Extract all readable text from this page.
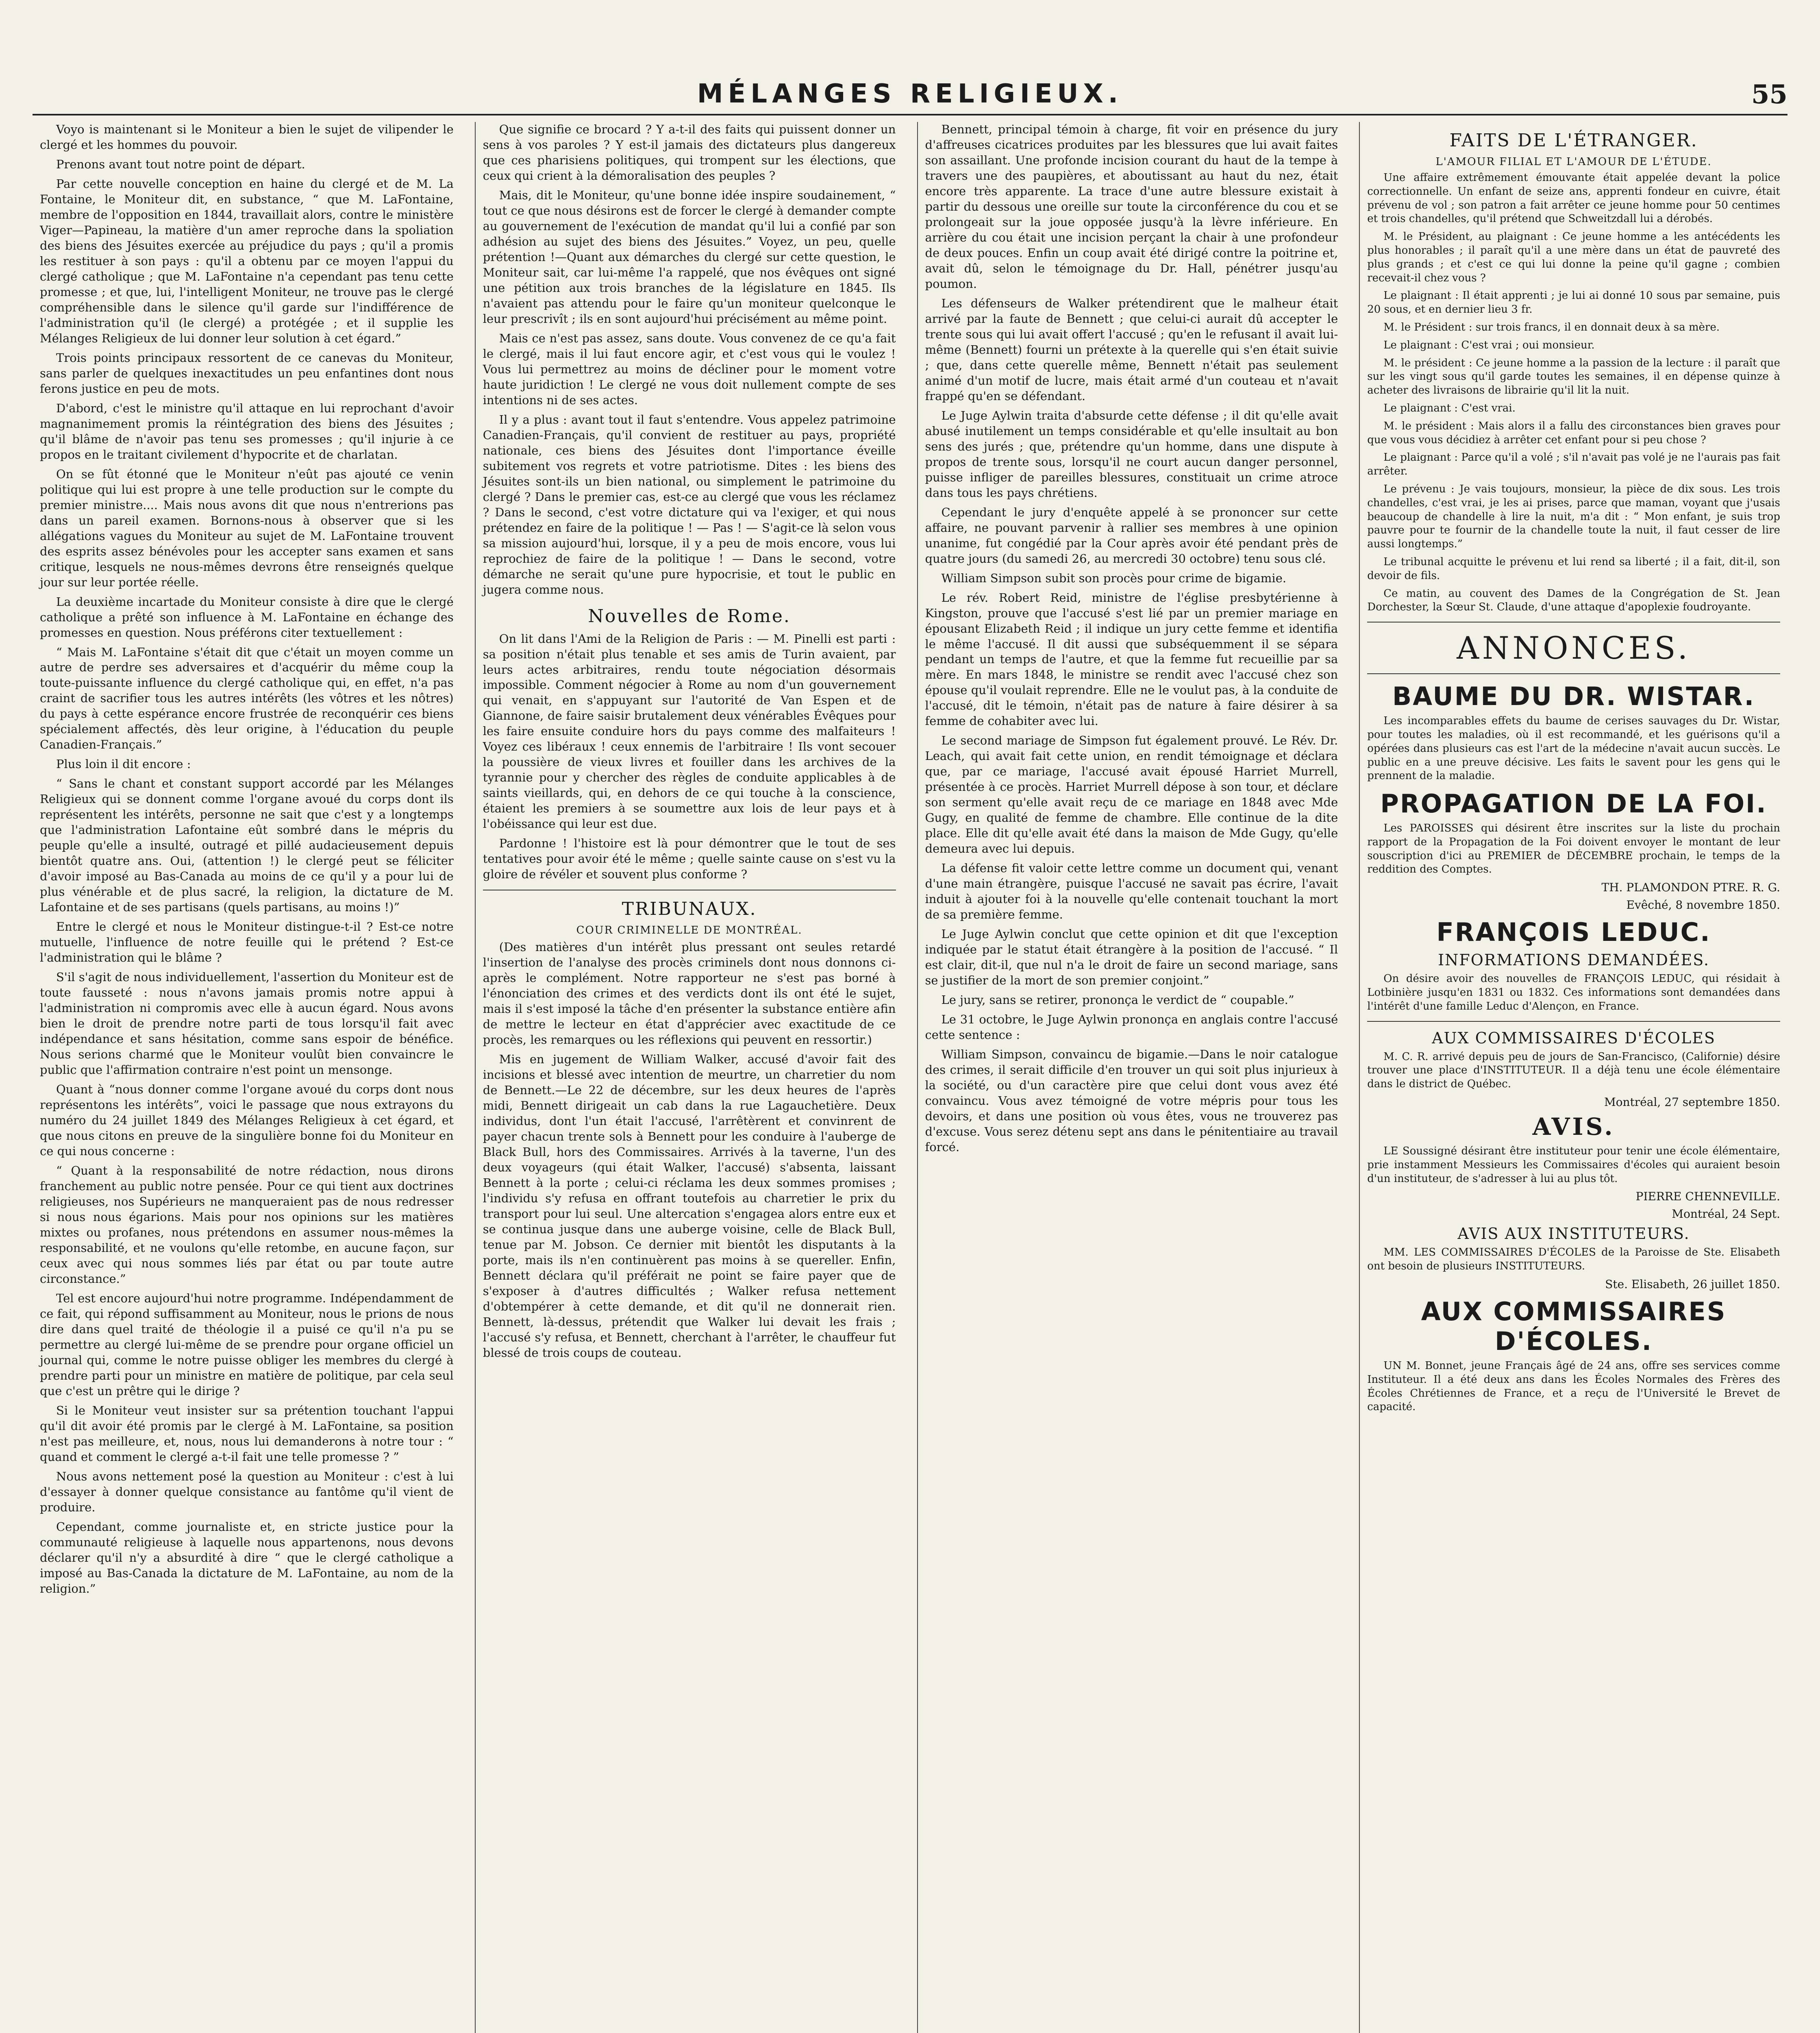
MÉLANGES RELIGIEUX.	55

Voyo is maintenant si le Moniteur a bien le sujet de vilipender le clergé et les hommes du pouvoir.

Prenons avant tout notre point de départ.

Par cette nouvelle conception en haine du clergé et de M. La Fontaine, le Moniteur dit, en substance, “ que M. LaFontaine, membre de l'opposition en 1844, travaillait alors, contre le ministère Viger—Papineau, la matière d'un amer reproche dans la spoliation des biens des Jésuites exercée au préjudice du pays ; qu'il a promis les restituer à son pays : qu'il a obtenu par ce moyen l'appui du clergé catholique ; que M. LaFontaine n'a cependant pas tenu cette promesse ; et que, lui, l'intelligent Moniteur, ne trouve pas le clergé compréhensible dans le silence qu'il garde sur l'indifférence de l'administration qu'il (le clergé) a protégée ; et il supplie les Mélanges Religieux de lui donner leur solution à cet égard.”

Trois points principaux ressortent de ce canevas du Moniteur, sans parler de quelques inexactitudes un peu enfantines dont nous ferons justice en peu de mots.

D'abord, c'est le ministre qu'il attaque en lui reprochant d'avoir magnanimement promis la réintégration des biens des Jésuites ; qu'il blâme de n'avoir pas tenu ses promesses ; qu'il injurie à ce propos en le traitant civilement d'hypocrite et de charlatan.

On se fût étonné que le Moniteur n'eût pas ajouté ce venin politique qui lui est propre à une telle production sur le compte du premier ministre.... Mais nous avons dit que nous n'entrerions pas dans un pareil examen. Bornons-nous à observer que si les allégations vagues du Moniteur au sujet de M. LaFontaine trouvent des esprits assez bénévoles pour les accepter sans examen et sans critique, lesquels ne nous-mêmes devrons être renseignés quelque jour sur leur portée réelle.

La deuxième incartade du Moniteur consiste à dire que le clergé catholique a prêté son influence à M. LaFontaine en échange des promesses en question. Nous préférons citer textuellement :

“ Mais M. LaFontaine s'était dit que c'était un moyen comme un autre de perdre ses adversaires et d'acquérir du même coup la toute-puissante influence du clergé catholique qui, en effet, n'a pas craint de sacrifier tous les autres intérêts (les vôtres et les nôtres) du pays à cette espérance encore frustrée de reconquérir ces biens spécialement affectés, dès leur origine, à l'éducation du peuple Canadien-Français.”

Plus loin il dit encore :

“ Sans le chant et constant support accordé par les Mélanges Religieux qui se donnent comme l'organe avoué du corps dont ils représentent les intérêts, personne ne sait que c'est y a longtemps que l'administration Lafontaine eût sombré dans le mépris du peuple qu'elle a insulté, outragé et pillé audacieusement depuis bientôt quatre ans. Oui, (attention !) le clergé peut se féliciter d'avoir imposé au Bas-Canada au moins de ce qu'il y a pour lui de plus vénérable et de plus sacré, la religion, la dictature de M. Lafontaine et de ses partisans (quels partisans, au moins !)”

Entre le clergé et nous le Moniteur distingue-t-il ? Est-ce notre mutuelle, l'influence de notre feuille qui le prétend ? Est-ce l'administration qui le blâme ?

S'il s'agit de nous individuellement, l'assertion du Moniteur est de toute fausseté : nous n'avons jamais promis notre appui à l'administration ni compromis avec elle à aucun égard. Nous avons bien le droit de prendre notre parti de tous lorsqu'il fait avec indépendance et sans hésitation, comme sans espoir de bénéfice. Nous serions charmé que le Moniteur voulût bien convaincre le public que l'affirmation contraire n'est point un mensonge.

Quant à “nous donner comme l'organe avoué du corps dont nous représentons les intérêts”, voici le passage que nous extrayons du numéro du 24 juillet 1849 des Mélanges Religieux à cet égard, et que nous citons en preuve de la singulière bonne foi du Moniteur en ce qui nous concerne :

“ Quant à la responsabilité de notre rédaction, nous dirons franchement au public notre pensée. Pour ce qui tient aux doctrines religieuses, nos Supérieurs ne manqueraient pas de nous redresser si nous nous égarions. Mais pour nos opinions sur les matières mixtes ou profanes, nous prétendons en assumer nous-mêmes la responsabilité, et ne voulons qu'elle retombe, en aucune façon, sur ceux avec qui nous sommes liés par état ou par toute autre circonstance.”

Tel est encore aujourd'hui notre programme. Indépendamment de ce fait, qui répond suffisamment au Moniteur, nous le prions de nous dire dans quel traité de théologie il a puisé ce qu'il n'a pu se permettre au clergé lui-même de se prendre pour organe officiel un journal qui, comme le notre puisse obliger les membres du clergé à prendre parti pour un ministre en matière de politique, par cela seul que c'est un prêtre qui le dirige ?

Si le Moniteur veut insister sur sa prétention touchant l'appui qu'il dit avoir été promis par le clergé à M. LaFontaine, sa position n'est pas meilleure, et, nous, nous lui demanderons à notre tour : “ quand et comment le clergé a-t-il fait une telle promesse ? ”

Nous avons nettement posé la question au Moniteur : c'est à lui d'essayer à donner quelque consistance au fantôme qu'il vient de produire.

Cependant, comme journaliste et, en stricte justice pour la communauté religieuse à laquelle nous appartenons, nous devons déclarer qu'il n'y a absurdité à dire “ que le clergé catholique a imposé au Bas-Canada la dictature de M. LaFontaine, au nom de la religion.”

Que signifie ce brocard ? Y a-t-il des faits qui puissent donner un sens à vos paroles ? Y est-il jamais des dictateurs plus dangereux que ces pharisiens politiques, qui trompent sur les élections, que ceux qui crient à la démoralisation des peuples ?

Mais, dit le Moniteur, qu'une bonne idée inspire soudainement, “ tout ce que nous désirons est de forcer le clergé à demander compte au gouvernement de l'exécution de mandat qu'il lui a confié par son adhésion au sujet des biens des Jésuites.” Voyez, un peu, quelle prétention !—Quant aux démarches du clergé sur cette question, le Moniteur sait, car lui-même l'a rappelé, que nos évêques ont signé une pétition aux trois branches de la législature en 1845. Ils n'avaient pas attendu pour le faire qu'un moniteur quelconque le leur prescrivît ; ils en sont aujourd'hui précisément au même point.

Mais ce n'est pas assez, sans doute. Vous convenez de ce qu'a fait le clergé, mais il lui faut encore agir, et c'est vous qui le voulez ! Vous lui permettrez au moins de décliner pour le moment votre haute juridiction ! Le clergé ne vous doit nullement compte de ses intentions ni de ses actes.

Il y a plus : avant tout il faut s'entendre. Vous appelez patrimoine Canadien-Français, qu'il convient de restituer au pays, propriété nationale, ces biens des Jésuites dont l'importance éveille subitement vos regrets et votre patriotisme. Dites : les biens des Jésuites sont-ils un bien national, ou simplement le patrimoine du clergé ? Dans le premier cas, est-ce au clergé que vous les réclamez ? Dans le second, c'est votre dictature qui va l'exiger, et qui nous prétendez en faire de la politique ! — Pas ! — S'agit-ce là selon vous sa mission aujourd'hui, lorsque, il y a peu de mois encore, vous lui reprochiez de faire de la politique ! — Dans le second, votre démarche ne serait qu'une pure hypocrisie, et tout le public en jugera comme nous.

Nouvelles de Rome.

On lit dans l'Ami de la Religion de Paris : — M. Pinelli est parti : sa position n'était plus tenable et ses amis de Turin avaient, par leurs actes arbitraires, rendu toute négociation désormais impossible. Comment négocier à Rome au nom d'un gouvernement qui venait, en s'appuyant sur l'autorité de Van Espen et de Giannone, de faire saisir brutalement deux vénérables Évêques pour les faire ensuite conduire hors du pays comme des malfaiteurs ! Voyez ces libéraux ! ceux ennemis de l'arbitraire ! Ils vont secouer la poussière de vieux livres et fouiller dans les archives de la tyrannie pour y chercher des règles de conduite applicables à de saints vieillards, qui, en dehors de ce qui touche à la conscience, étaient les premiers à se soumettre aux lois de leur pays et à l'obéissance qui leur est due.

Pardonne ! l'histoire est là pour démontrer que le tout de ses tentatives pour avoir été le même ; quelle sainte cause on s'est vu la gloire de révéler et souvent plus conforme ?

TRIBUNAUX.
COUR CRIMINELLE DE MONTRÉAL.

(Des matières d'un intérêt plus pressant ont seules retardé l'insertion de l'analyse des procès criminels dont nous donnons ci-après le complément. Notre rapporteur ne s'est pas borné à l'énonciation des crimes et des verdicts dont ils ont été le sujet, mais il s'est imposé la tâche d'en présenter la substance entière afin de mettre le lecteur en état d'apprécier avec exactitude de ce procès, les remarques ou les réflexions qui peuvent en ressortir.)

Mis en jugement de William Walker, accusé d'avoir fait des incisions et blessé avec intention de meurtre, un charretier du nom de Bennett.—Le 22 de décembre, sur les deux heures de l'après midi, Bennett dirigeait un cab dans la rue Lagauchetière. Deux individus, dont l'un était l'accusé, l'arrêtèrent et convinrent de payer chacun trente sols à Bennett pour les conduire à l'auberge de Black Bull, hors des Commissaires. Arrivés à la taverne, l'un des deux voyageurs (qui était Walker, l'accusé) s'absenta, laissant Bennett à la porte ; celui-ci réclama les deux sommes promises ; l'individu s'y refusa en offrant toutefois au charretier le prix du transport pour lui seul. Une altercation s'engagea alors entre eux et se continua jusque dans une auberge voisine, celle de Black Bull, tenue par M. Jobson. Ce dernier mit bientôt les disputants à la porte, mais ils n'en continuèrent pas moins à se quereller. Enfin, Bennett déclara qu'il préférait ne point se faire payer que de s'exposer à d'autres difficultés ; Walker refusa nettement d'obtempérer à cette demande, et dit qu'il ne donnerait rien. Bennett, là-dessus, prétendit que Walker lui devait les frais ; l'accusé s'y refusa, et Bennett, cherchant à l'arrêter, le chauffeur fut blessé de trois coups de couteau.

Bennett, principal témoin à charge, fit voir en présence du jury d'affreuses cicatrices produites par les blessures que lui avait faites son assaillant. Une profonde incision courant du haut de la tempe à travers une des paupières, et aboutissant au haut du nez, était encore très apparente. La trace d'une autre blessure existait à partir du dessous une oreille sur toute la circonférence du cou et se prolongeait sur la joue opposée jusqu'à la lèvre inférieure. En arrière du cou était une incision perçant la chair à une profondeur de deux pouces. Enfin un coup avait été dirigé contre la poitrine et, avait dû, selon le témoignage du Dr. Hall, pénétrer jusqu'au poumon.

Les défenseurs de Walker prétendirent que le malheur était arrivé par la faute de Bennett ; que celui-ci aurait dû accepter le trente sous qui lui avait offert l'accusé ; qu'en le refusant il avait lui-même (Bennett) fourni un prétexte à la querelle qui s'en était suivie ; que, dans cette querelle même, Bennett n'était pas seulement animé d'un motif de lucre, mais était armé d'un couteau et n'avait frappé qu'en se défendant.

Le Juge Aylwin traita d'absurde cette défense ; il dit qu'elle avait abusé inutilement un temps considérable et qu'elle insultait au bon sens des jurés ; que, prétendre qu'un homme, dans une dispute à propos de trente sous, lorsqu'il ne court aucun danger personnel, puisse infliger de pareilles blessures, constituait un crime atroce dans tous les pays chrétiens.

Cependant le jury d'enquête appelé à se prononcer sur cette affaire, ne pouvant parvenir à rallier ses membres à une opinion unanime, fut congédié par la Cour après avoir été pendant près de quatre jours (du samedi 26, au mercredi 30 octobre) tenu sous clé.

William Simpson subit son procès pour crime de bigamie.

Le rév. Robert Reid, ministre de l'église presbytérienne à Kingston, prouve que l'accusé s'est lié par un premier mariage en épousant Elizabeth Reid ; il indique un jury cette femme et identifia le même l'accusé. Il dit aussi que subséquemment il se sépara pendant un temps de l'autre, et que la femme fut recueillie par sa mère. En mars 1848, le ministre se rendit avec l'accusé chez son épouse qu'il voulait reprendre. Elle ne le voulut pas, à la conduite de l'accusé, dit le témoin, n'était pas de nature à faire désirer à sa femme de cohabiter avec lui.

Le second mariage de Simpson fut également prouvé. Le Rév. Dr. Leach, qui avait fait cette union, en rendit témoignage et déclara que, par ce mariage, l'accusé avait épousé Harriet Murrell, présentée à ce procès. Harriet Murrell dépose à son tour, et déclare son serment qu'elle avait reçu de ce mariage en 1848 avec Mde Gugy, en qualité de femme de chambre. Elle continue de la dite place. Elle dit qu'elle avait été dans la maison de Mde Gugy, qu'elle demeura avec lui depuis.

La défense fit valoir cette lettre comme un document qui, venant d'une main étrangère, puisque l'accusé ne savait pas écrire, l'avait induit à ajouter foi à la nouvelle qu'elle contenait touchant la mort de sa première femme.

Le Juge Aylwin conclut que cette opinion et dit que l'exception indiquée par le statut était étrangère à la position de l'accusé. “ Il est clair, dit-il, que nul n'a le droit de faire un second mariage, sans se justifier de la mort de son premier conjoint.”

Le jury, sans se retirer, prononça le verdict de “ coupable.”

Le 31 octobre, le Juge Aylwin prononça en anglais contre l'accusé cette sentence :

William Simpson, convaincu de bigamie.—Dans le noir catalogue des crimes, il serait difficile d'en trouver un qui soit plus injurieux à la société, ou d'un caractère pire que celui dont vous avez été convaincu. Vous avez témoigné de votre mépris pour tous les devoirs, et dans une position où vous êtes, vous ne trouverez pas d'excuse. Vous serez détenu sept ans dans le pénitentiaire au travail forcé.

FAITS DE L'ÉTRANGER.
L'AMOUR FILIAL ET L'AMOUR DE L'ÉTUDE.

Une affaire extrêmement émouvante était appelée devant la police correctionnelle. Un enfant de seize ans, apprenti fondeur en cuivre, était prévenu de vol ; son patron a fait arrêter ce jeune homme pour 50 centimes et trois chandelles, qu'il prétend que Schweitzdall lui a dérobés.

M. le Président, au plaignant : Ce jeune homme a les antécédents les plus honorables ; il paraît qu'il a une mère dans un état de pauvreté des plus grands ; et c'est ce qui lui donne la peine qu'il gagne ; combien recevait-il chez vous ?

Le plaignant : Il était apprenti ; je lui ai donné 10 sous par semaine, puis 20 sous, et en dernier lieu 3 fr.

M. le Président : sur trois francs, il en donnait deux à sa mère.

Le plaignant : C'est vrai ; oui monsieur.

M. le président : Ce jeune homme a la passion de la lecture : il paraît que sur les vingt sous qu'il garde toutes les semaines, il en dépense quinze à acheter des livraisons de librairie qu'il lit la nuit.

Le plaignant : C'est vrai.

M. le président : Mais alors il a fallu des circonstances bien graves pour que vous vous décidiez à arrêter cet enfant pour si peu chose ?

Le plaignant : Parce qu'il a volé ; s'il n'avait pas volé je ne l'aurais pas fait arrêter.

Le prévenu : Je vais toujours, monsieur, la pièce de dix sous. Les trois chandelles, c'est vrai, je les ai prises, parce que maman, voyant que j'usais beaucoup de chandelle à lire la nuit, m'a dit : “ Mon enfant, je suis trop pauvre pour te fournir de la chandelle toute la nuit, il faut cesser de lire aussi longtemps.”

Le tribunal acquitte le prévenu et lui rend sa liberté ; il a fait, dit-il, son devoir de fils.

Ce matin, au couvent des Dames de la Congrégation de St. Jean Dorchester, la Sœur St. Claude, d'une attaque d'apoplexie foudroyante.

ANNONCES.
BAUME DU DR. WISTAR.

Les incomparables effets du baume de cerises sauvages du Dr. Wistar, pour toutes les maladies, où il est recommandé, et les guérisons qu'il a opérées dans plusieurs cas est l'art de la médecine n'avait aucun succès. Le public en a une preuve décisive. Les faits le savent pour les gens qui le prennent de la maladie.

PROPAGATION DE LA FOI.

Les PAROISSES qui désirent être inscrites sur la liste du prochain rapport de la Propagation de la Foi doivent envoyer le montant de leur souscription d'ici au PREMIER de DÉCEMBRE prochain, le temps de la reddition des Comptes.

TH. PLAMONDON PTRE. R. G.
Evêché, 8 novembre 1850.
FRANÇOIS LEDUC.
INFORMATIONS DEMANDÉES.

On désire avoir des nouvelles de FRANÇOIS LEDUC, qui résidait à Lotbinière jusqu'en 1831 ou 1832. Ces informations sont demandées dans l'intérêt d'une famille Leduc d'Alençon, en France.

AUX COMMISSAIRES D'ÉCOLES

M. C. R. arrivé depuis peu de jours de San-Francisco, (Californie) désire trouver une place d'INSTITUTEUR. Il a déjà tenu une école élémentaire dans le district de Québec.

Montréal, 27 septembre 1850.
AVIS.

LE Soussigné désirant être instituteur pour tenir une école élémentaire, prie instamment Messieurs les Commissaires d'écoles qui auraient besoin d'un instituteur, de s'adresser à lui au plus tôt.

PIERRE CHENNEVILLE.
Montréal, 24 Sept.
AVIS AUX INSTITUTEURS.

MM. LES COMMISSAIRES D'ÉCOLES de la Paroisse de Ste. Elisabeth ont besoin de plusieurs INSTITUTEURS.

Ste. Elisabeth, 26 juillet 1850.
AUX COMMISSAIRES D'ÉCOLES.

UN M. Bonnet, jeune Français âgé de 24 ans, offre ses services comme Instituteur. Il a été deux ans dans les Écoles Normales des Frères des Écoles Chrétiennes de France, et a reçu de l'Université le Brevet de capacité.
